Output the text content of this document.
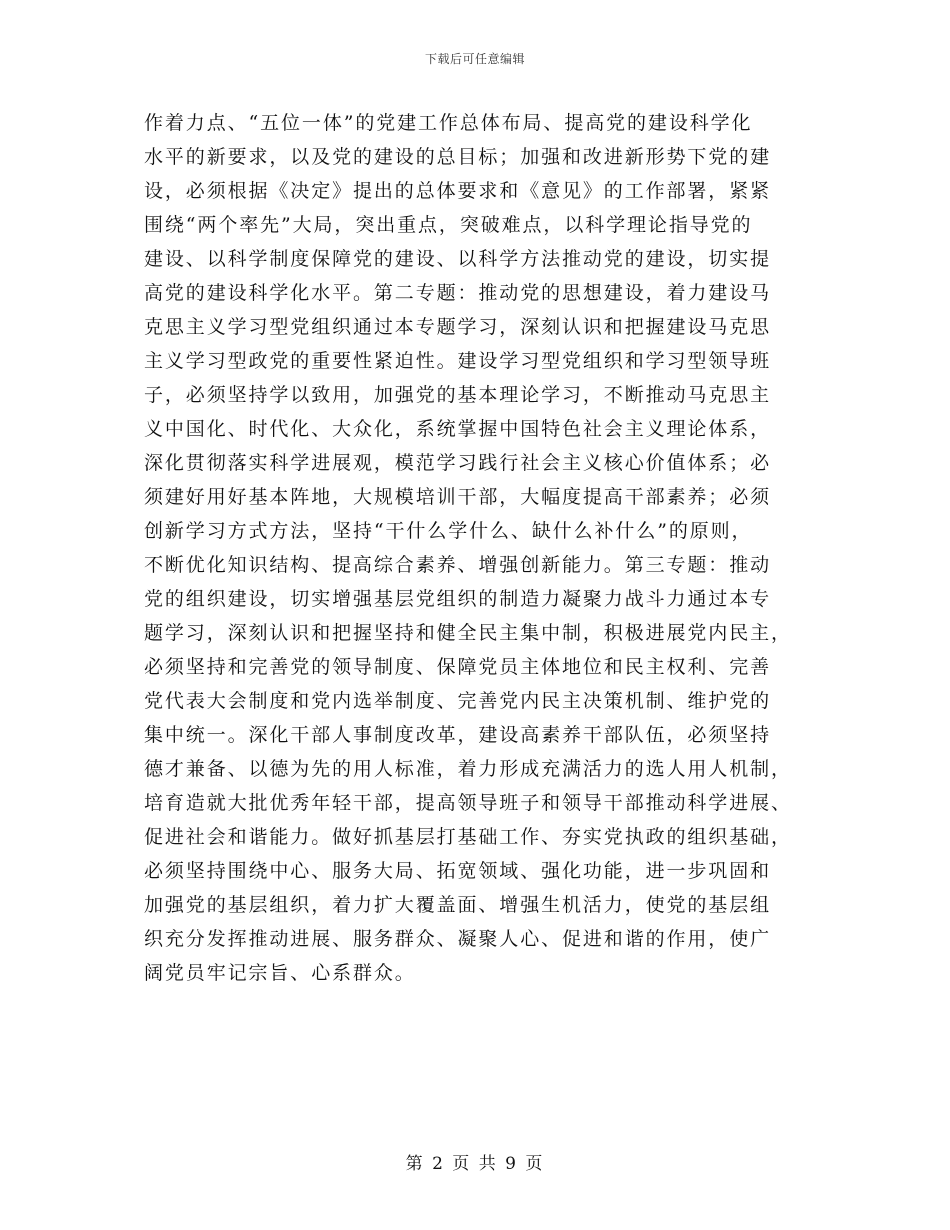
下载后可任意编辑
作着力点、“五位一体”的党建工作总体布局、提高党的建设科学化
水平的新要求，以及党的建设的总目标；加强和改进新形势下党的建
设，必须根据《决定》提出的总体要求和《意见》的工作部署，紧紧
围绕“两个率先”大局，突出重点，突破难点，以科学理论指导党的
建设、以科学制度保障党的建设、以科学方法推动党的建设，切实提
高党的建设科学化水平。第二专题：推动党的思想建设，着力建设马
克思主义学习型党组织通过本专题学习，深刻认识和把握建设马克思
主义学习型政党的重要性紧迫性。建设学习型党组织和学习型领导班
子，必须坚持学以致用，加强党的基本理论学习，不断推动马克思主
义中国化、时代化、大众化，系统掌握中国特色社会主义理论体系，
深化贯彻落实科学进展观，模范学习践行社会主义核心价值体系；必
须建好用好基本阵地，大规模培训干部，大幅度提高干部素养；必须
创新学习方式方法，坚持“干什么学什么、缺什么补什么”的原则，
不断优化知识结构、提高综合素养、增强创新能力。第三专题：推动
党的组织建设，切实增强基层党组织的制造力凝聚力战斗力通过本专
题学习，深刻认识和把握坚持和健全民主集中制，积极进展党内民主，
必须坚持和完善党的领导制度、保障党员主体地位和民主权利、完善
党代表大会制度和党内选举制度、完善党内民主决策机制、维护党的
集中统一。深化干部人事制度改革，建设高素养干部队伍，必须坚持
德才兼备、以德为先的用人标准，着力形成充满活力的选人用人机制，
培育造就大批优秀年轻干部，提高领导班子和领导干部推动科学进展、
促进社会和谐能力。做好抓基层打基础工作、夯实党执政的组织基础，
必须坚持围绕中心、服务大局、拓宽领域、强化功能，进一步巩固和
加强党的基层组织，着力扩大覆盖面、增强生机活力，使党的基层组
织充分发挥推动进展、服务群众、凝聚人心、促进和谐的作用，使广
阔党员牢记宗旨、心系群众。
第 2 页 共 9 页
